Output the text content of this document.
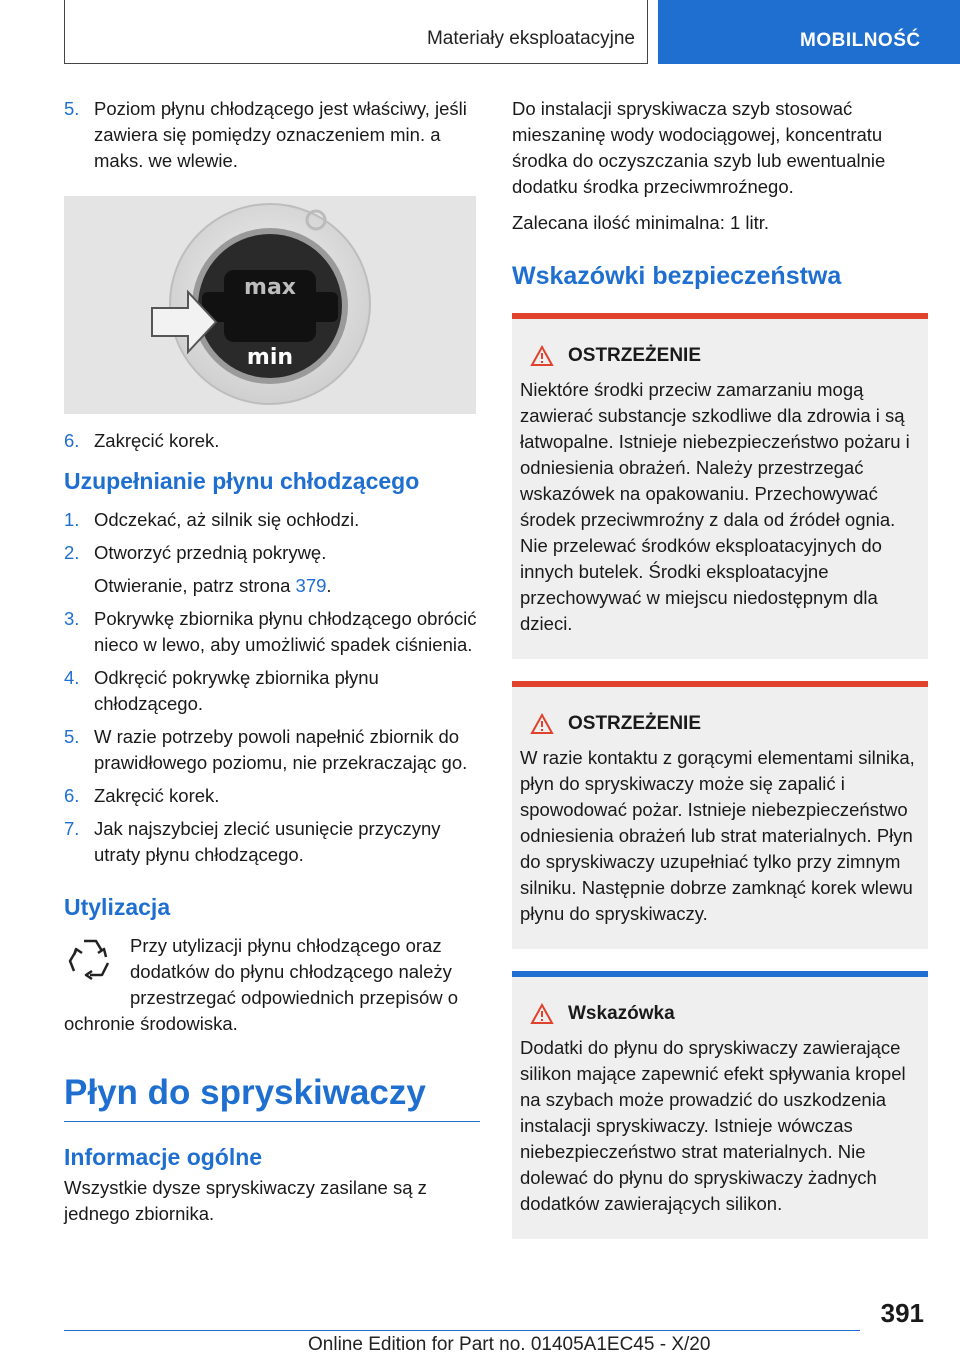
Materiały eksploatacyjne	MOBILNOŚĆ
5. Poziom płynu chłodzącego jest właściwy, jeśli zawiera się pomiędzy oznaczeniem min. a maks. we wlewie.
max
min
6. Zakręcić korek.
Uzupełnianie płynu chłodzącego
1. Odczekać, aż silnik się ochłodzi.
2. Otworzyć przednią pokrywę.
Otwieranie, patrz strona 379.
3. Pokrywkę zbiornika płynu chłodzącego obrócić nieco w lewo, aby umożliwić spadek ciśnienia.
4. Odkręcić pokrywkę zbiornika płynu chłodzącego.
5. W razie potrzeby powoli napełnić zbiornik do prawidłowego poziomu, nie przekraczając go.
6. Zakręcić korek.
7. Jak najszybciej zlecić usunięcie przyczyny utraty płynu chłodzącego.
Utylizacja
Przy utylizacji płynu chłodzącego oraz dodatków do płynu chłodzącego należy przestrzegać odpowiednich przepisów o ochronie środowiska.
Płyn do spryskiwaczy
Informacje ogólne

Wszystkie dysze spryskiwaczy zasilane są z jednego zbiornika.

Do instalacji spryskiwacza szyb stosować mieszaninę wody wodociągowej, koncentratu środka do oczyszczania szyb lub ewentualnie dodatku środka przeciwmroźnego.

Zalecana ilość minimalna: 1 litr.

Wskazówki bezpieczeństwa
OSTRZEŻENIE
Niektóre środki przeciw zamarzaniu mogą zawierać substancje szkodliwe dla zdrowia i są łatwopalne. Istnieje niebezpieczeństwo pożaru i odniesienia obrażeń. Należy przestrzegać wskazówek na opakowaniu. Przechowywać środek przeciwmroźny z dala od źródeł ognia. Nie przelewać środków eksploatacyjnych do innych butelek. Środki eksploatacyjne przechowywać w miejscu niedostępnym dla dzieci.
OSTRZEŻENIE
W razie kontaktu z gorącymi elementami silnika, płyn do spryskiwaczy może się zapalić i spowodować pożar. Istnieje niebezpieczeństwo odniesienia obrażeń lub strat materialnych. Płyn do spryskiwaczy uzupełniać tylko przy zimnym silniku. Następnie dobrze zamknąć korek wlewu płynu do spryskiwaczy.
Wskazówka
Dodatki do płynu do spryskiwaczy zawierające silikon mające zapewnić efekt spływania kropel na szybach może prowadzić do uszkodzenia instalacji spryskiwaczy. Istnieje wówczas niebezpieczeństwo strat materialnych. Nie dolewać do płynu do spryskiwaczy żadnych dodatków zawierających silikon.
391
Online Edition for Part no. 01405A1EC45 - X/20
